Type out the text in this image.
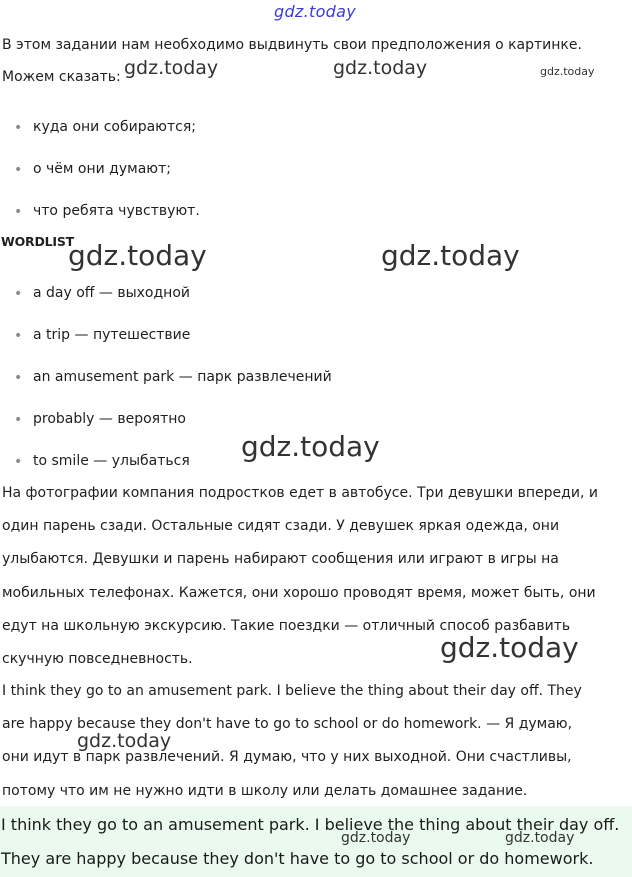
gdz.today
В этом задании нам необходимо выдвинуть свои предположения о картинке.
Можем сказать:
• куда они собираются;
• о чём они думают;
• что ребята чувствуют.
WORDLIST
• a day off — выходной
• a trip — путешествие
• an amusement park — парк развлечений
• probably — вероятно
• to smile — улыбаться
На фотографии компания подростков едет в автобусе. Три девушки впереди, и
один парень сзади. Остальные сидят сзади. У девушек яркая одежда, они
улыбаются. Девушки и парень набирают сообщения или играют в игры на
мобильных телефонах. Кажется, они хорошо проводят время, может быть, они
едут на школьную экскурсию. Такие поездки — отличный способ разбавить
скучную повседневность.
I think they go to an amusement park. I believe the thing about their day off. They
are happy because they don't have to go to school or do homework. — Я думаю,
они идут в парк развлечений. Я думаю, что у них выходной. Они счастливы,
потому что им не нужно идти в школу или делать домашнее задание.
I think they go to an amusement park. I believe the thing about their day off.
They are happy because they don't have to go to school or do homework.
gdz.today	gdz.today	gdz.today
gdz.today	gdz.today
gdz.today
gdz.today
gdz.today
gdz.today	gdz.today
